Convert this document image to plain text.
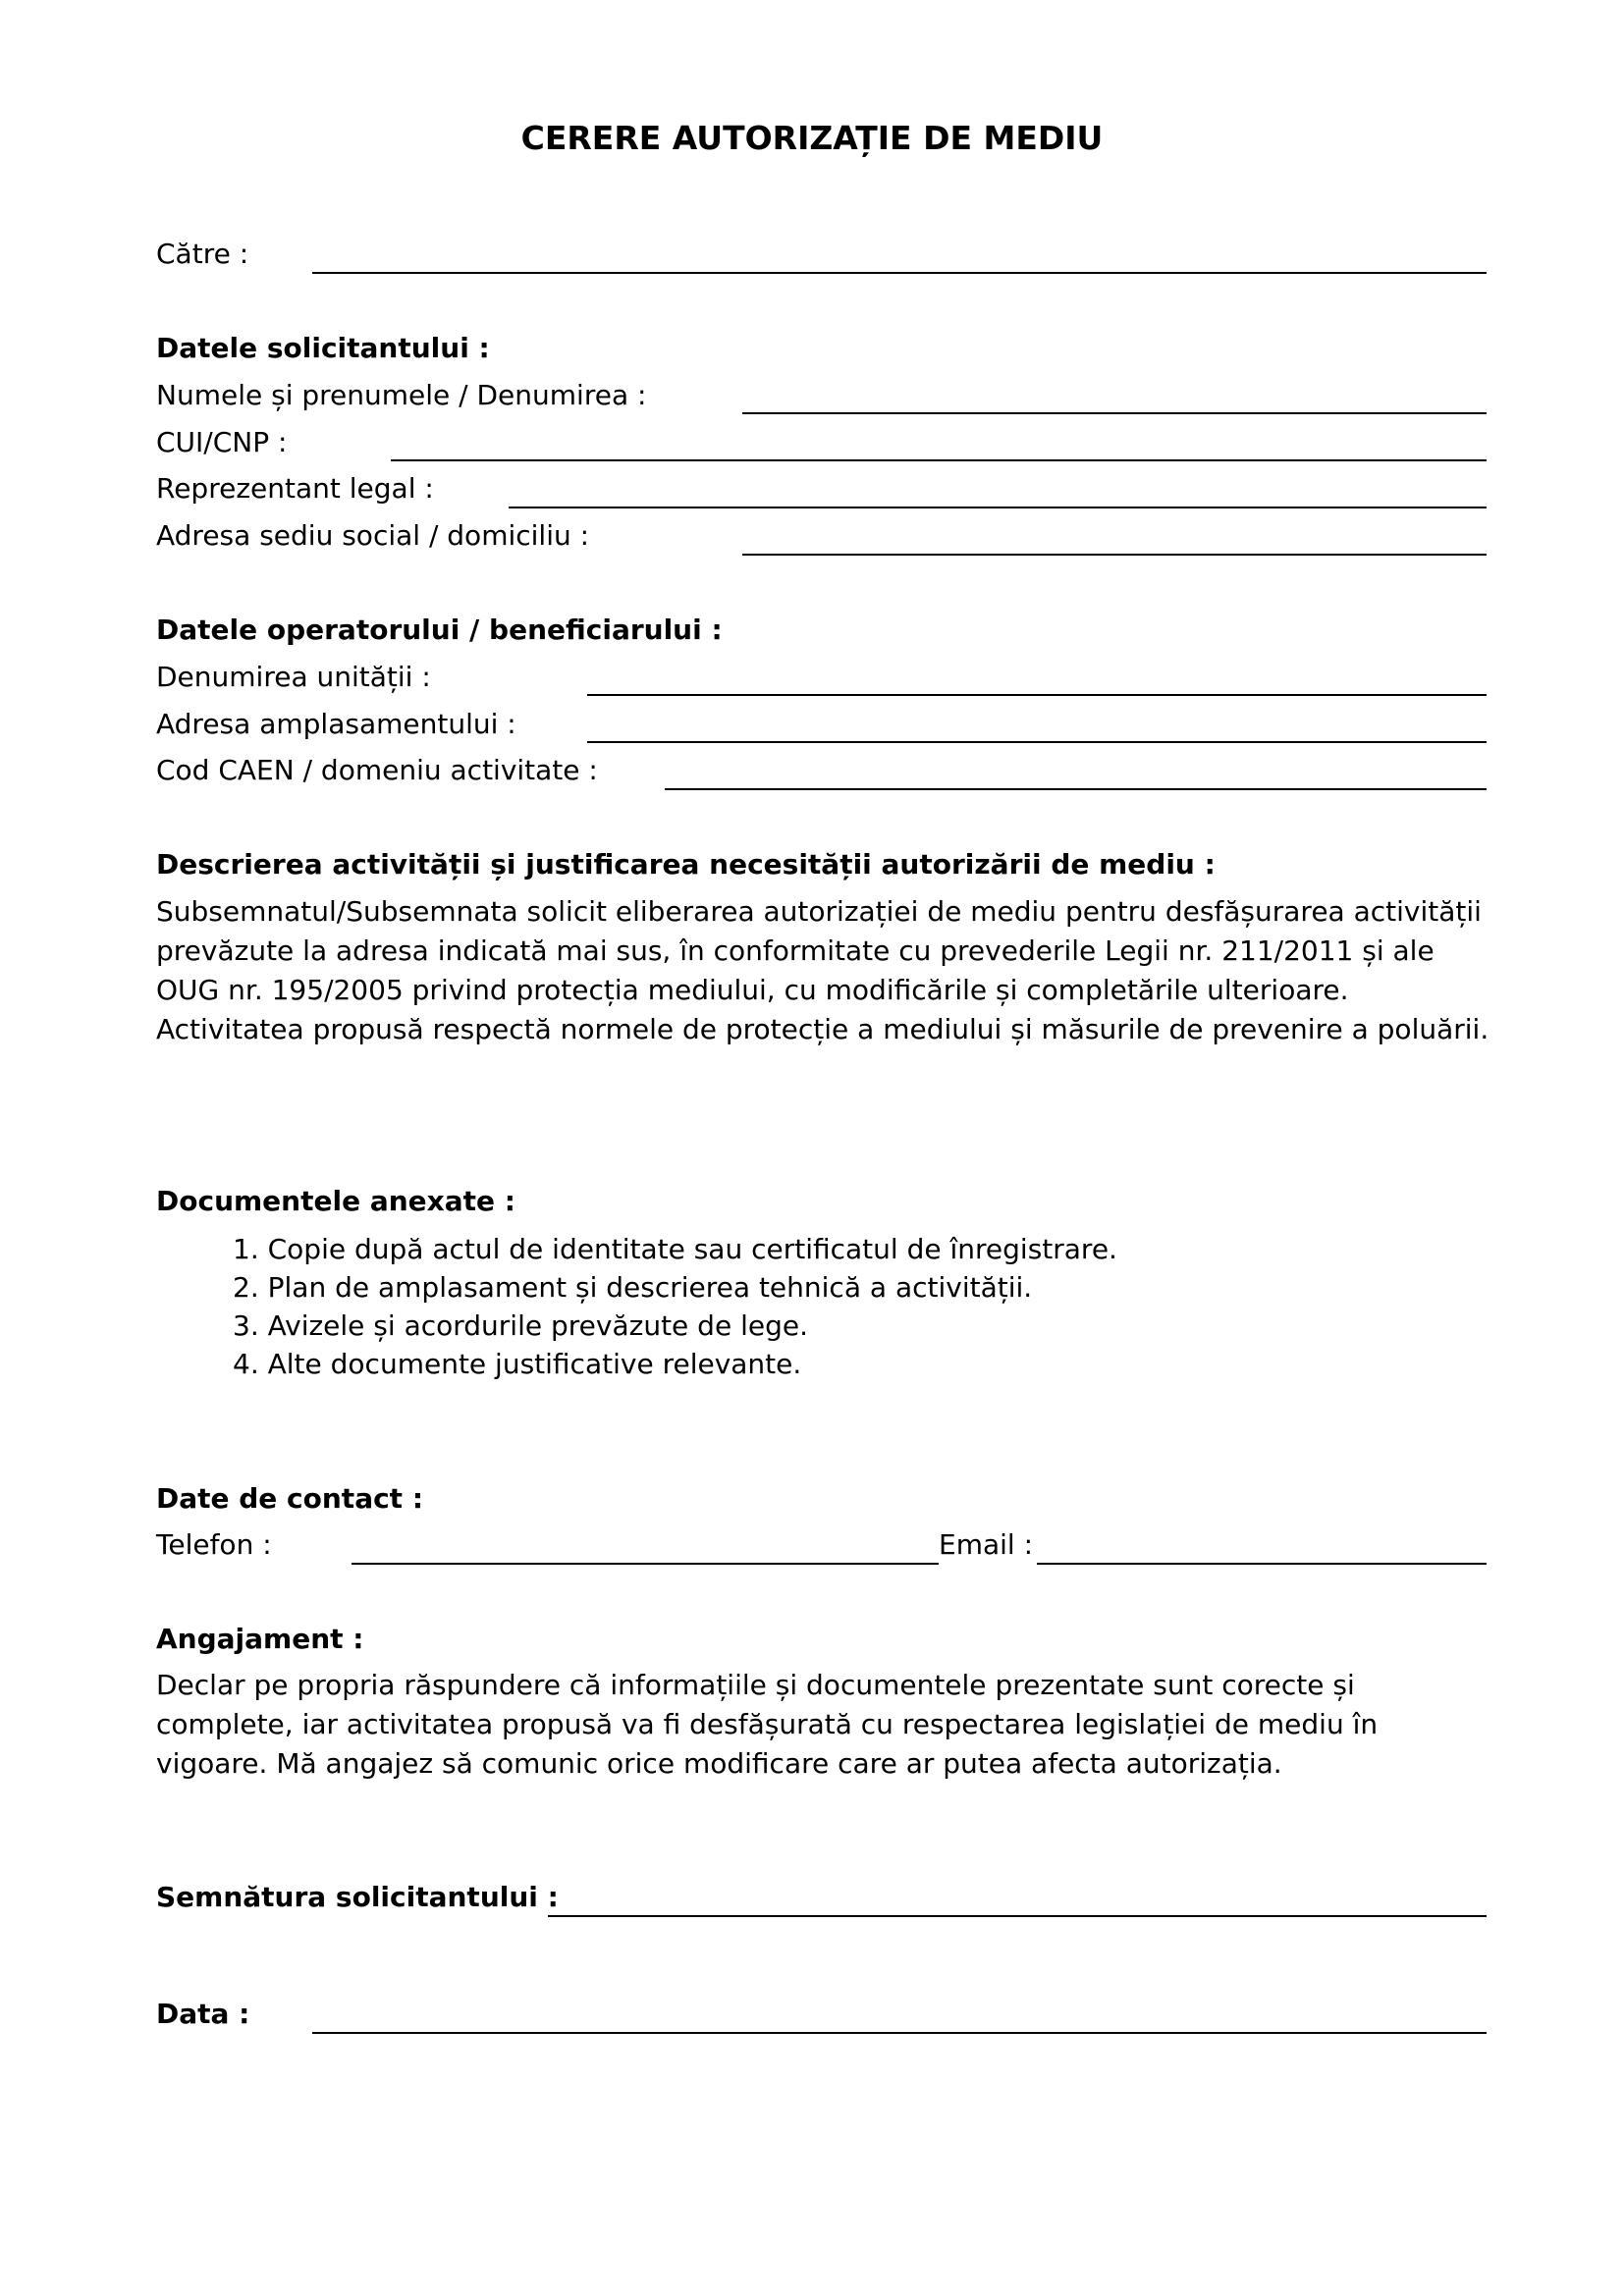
CERERE AUTORIZAȚIE DE MEDIU
Către :
Datele solicitantului :
Numele și prenumele / Denumirea :
CUI/CNP :
Reprezentant legal :
Adresa sediu social / domiciliu :
Datele operatorului / beneficiarului :
Denumirea unității :
Adresa amplasamentului :
Cod CAEN / domeniu activitate :
Descrierea activității și justificarea necesității autorizării de mediu :
Subsemnatul/Subsemnata solicit eliberarea autorizației de mediu pentru desfășurarea activității prevăzute la adresa indicată mai sus, în conformitate cu prevederile Legii nr. 211/2011 și ale OUG nr. 195/2005 privind protecția mediului, cu modificările și completările ulterioare. Activitatea propusă respectă normele de protecție a mediului și măsurile de prevenire a poluării.
Documentele anexate :
1. Copie după actul de identitate sau certificatul de înregistrare.
2. Plan de amplasament și descrierea tehnică a activității.
3. Avizele și acordurile prevăzute de lege.
4. Alte documente justificative relevante.
Date de contact :
Telefon :	Email :
Angajament :
Declar pe propria răspundere că informațiile și documentele prezentate sunt corecte și complete, iar activitatea propusă va fi desfășurată cu respectarea legislației de mediu în vigoare. Mă angajez să comunic orice modificare care ar putea afecta autorizația.
Semnătura solicitantului :
Data :
